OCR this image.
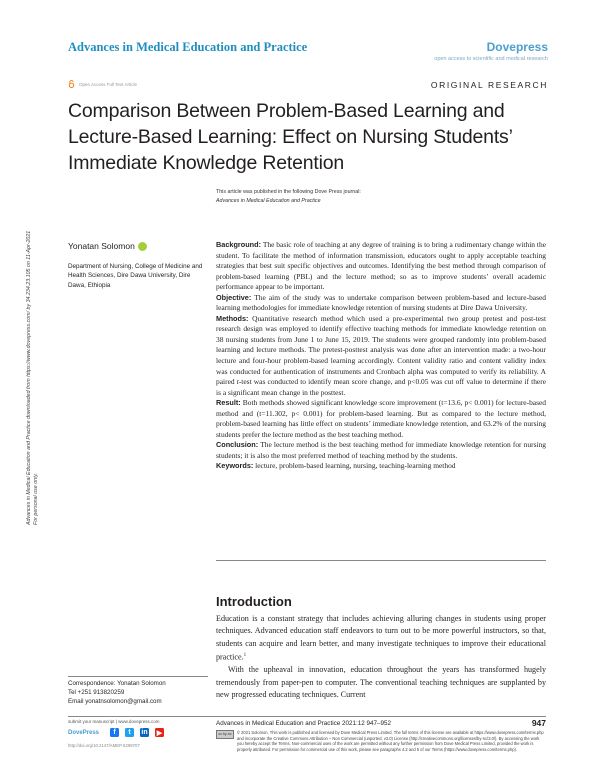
Advances in Medical Education and Practice	Dovepress
open access to scientific and medical research
Open Access Full Text Article	ORIGINAL RESEARCH
Comparison Between Problem-Based Learning and Lecture-Based Learning: Effect on Nursing Students’ Immediate Knowledge Retention
This article was published in the following Dove Press journal:
Advances in Medical Education and Practice
Advances in Medical Education and Practice downloaded from https://www.dovepress.com/ by 34.234.23.105 on 11-Apr-2021
For personal use only.
Yonatan Solomon
Department of Nursing, College of Medicine and Health Sciences, Dire Dawa University, Dire Dawa, Ethiopia

Background: The basic role of teaching at any degree of training is to bring a rudimentary change within the student. To facilitate the method of information transmission, educators ought to apply acceptable teaching strategies that best suit specific objectives and outcomes. Identifying the best method through comparison of problem-based learning (PBL) and the lecture method; so as to improve students’ overall academic performance appear to be important.

Objective: The aim of the study was to undertake comparison between problem-based and lecture-based learning methodologies for immediate knowledge retention of nursing students at Dire Dawa University.

Methods: Quantitative research method which used a pre-experimental two group pretest and post-test research design was employed to identify effective teaching methods for immediate knowledge retention on 38 nursing students from June 1 to June 15, 2019. The students were grouped randomly into problem-based learning and lecture methods. The pretest-posttest analysis was done after an intervention made: a two-hour lecture and four-hour problem-based learning accordingly. Content validity ratio and content validity index was conducted for authentication of instruments and Cronbach alpha was computed to verify its reliability. A paired t-test was conducted to identify mean score change, and p<0.05 was cut off value to determine if there is a significant mean change in the posttest.

Result: Both methods showed significant knowledge score improvement (t=13.6, p< 0.001) for lecture-based method and (t=11.302, p< 0.001) for problem-based learning. But as compared to the lecture method, problem-based learning has little effect on students’ immediate knowledge retention, and 63.2% of the nursing students prefer the lecture method as the best teaching method.

Conclusion: The lecture method is the best teaching method for immediate knowledge retention for nursing students; it is also the most preferred method of teaching method by the students.

Keywords: lecture, problem-based learning, nursing, teaching-learning method

Introduction

Education is a constant strategy that includes achieving alluring changes in students using proper techniques. Advanced education staff endeavors to turn out to be more powerful instructors, so that, students can acquire and learn better, and many investigate techniques to improve their educational practice.$^1$

With the upheaval in innovation, education throughout the years has transformed hugely tremendously from paper-pen to computer. The conventional teaching techniques are supplanted by new progressed educating techniques. Current

Correspondence: Yonatan Solomon
Tel +251 913820259
Email yonatnsolomon@gmail.com
submit your manuscript | www.dovepress.com	Advances in Medical Education and Practice 2021:12 947–952	947
DovePress	f	t	in ▶
http://doi.org/10.2147/AMEP.S298707
cc by-nc	© 2021 Solomon. This work is published and licensed by Dove Medical Press Limited. The full terms of this license are available at https://www.dovepress.com/terms.php and incorporate the Creative Commons Attribution – Non Commercial (unported, v3.0) License (http://creativecommons.org/licenses/by-nc/3.0/). By accessing the work you hereby accept the Terms. Non-commercial uses of the work are permitted without any further permission from Dove Medical Press Limited, provided the work is properly attributed. For permission for commercial use of this work, please see paragraphs 4.2 and 5 of our Terms (https://www.dovepress.com/terms.php).
